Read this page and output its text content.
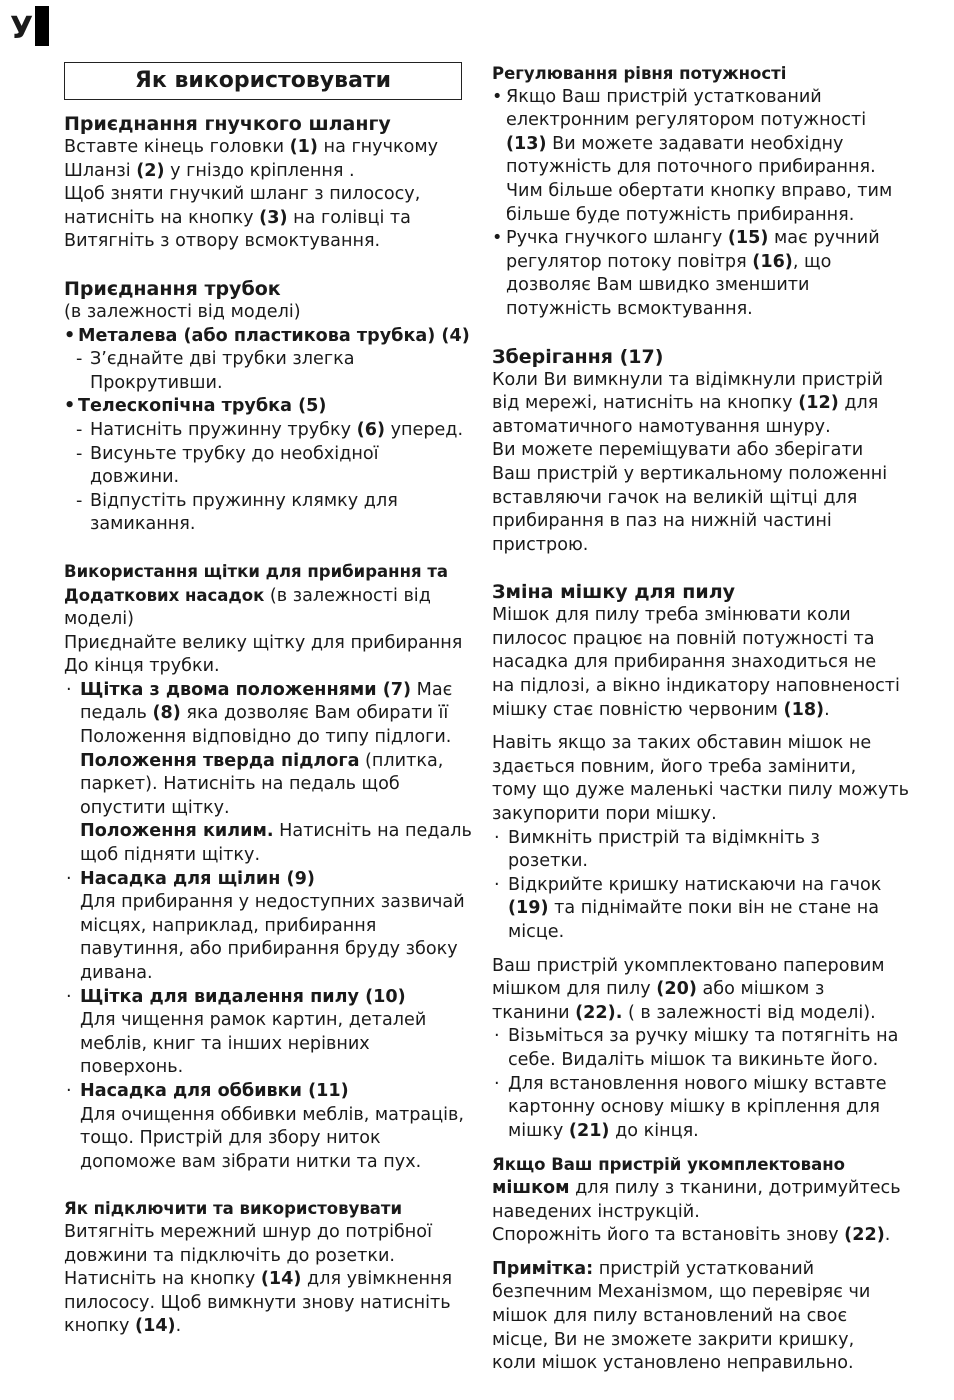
У
Як використовувати
Приєднання гнучкого шлангу

Вставте кінець головки (1) на гнучкому

Шланзі (2) у гніздо кріплення .

Щоб зняти гнучкий шланг з пилососу,

натисніть на кнопку (3) на голівці та

Витягніть з отвору всмоктування.

Приєднання трубок

(в залежності від моделі)

• Металева (або пластикова трубка) (4)
- З’єднайте дві трубки злегка
Прокрутивши.
• Телескопічна трубка (5)
- Натисніть пружинну трубку (6) уперед.
- Висуньте трубку до необхідної
довжини.
- Відпустіть пружинну клямку для
замикання.
Використання щітки для прибирання та

Додаткових насадок (в залежності від

моделі)

Приєднайте велику щітку для прибирання

До кінця трубки.

· Щітка з двома положеннями (7) Має
педаль (8) яка дозволяє Вам обирати її
Положення відповідно до типу підлоги.
Положення тверда підлога (плитка,
паркет). Натисніть на педаль щоб
опустити щітку.
Положення килим. Натисніть на педаль
щоб підняти щітку.
· Насадка для щілин (9)
Для прибирання у недоступних зазвичай
місцях, наприклад, прибирання
павутиння, або прибирання бруду збоку
дивана.
· Щітка для видалення пилу (10)
Для чищення рамок картин, деталей
меблів, книг та інших нерівних
поверхонь.
· Насадка для оббивки (11)
Для очищення оббивки меблів, матраців,
тощо. Пристрій для збору ниток
допоможе вам зібрати нитки та пух.
Як підключити та використовувати

Витягніть мережний шнур до потрібної

довжини та підключіть до розетки.

Натисніть на кнопку (14) для увімкнення

пилососу. Щоб вимкнути знову натисніть

кнопку (14).

Регулювання рівня потужності
• Якщо Ваш пристрій устаткований
електронним регулятором потужності
(13) Ви можете задавати необхідну
потужність для поточного прибирання.
Чим більше обертати кнопку вправо, тим
більше буде потужність прибирання.
• Ручка гнучкого шлангу (15) має ручний
регулятор потоку повітря (16), що
дозволяє Вам швидко зменшити
потужність всмоктування.
Зберігання (17)

Коли Ви вимкнули та відімкнули пристрій

від мережі, натисніть на кнопку (12) для

автоматичного намотування шнуру.

Ви можете переміщувати або зберігати

Ваш пристрій у вертикальному положенні

вставляючи гачок на великій щітці для

прибирання в паз на нижній частині

пристрою.

Зміна мішку для пилу

Мішок для пилу треба змінювати коли

пилосос працює на повній потужності та

насадка для прибирання знаходиться не

на підлозі, а вікно індикатору наповненості

мішку стає повністю червоним (18).

Навіть якщо за таких обставин мішок не

здається повним, його треба замінити,

тому що дуже маленькі частки пилу можуть

закупорити пори мішку.

· Вимкніть пристрій та відімкніть з
розетки.
· Відкрийте кришку натискаючи на гачок
(19) та піднімайте поки він не стане на
місце.

Ваш пристрій укомплектовано паперовим

мішком для пилу (20) або мішком з

тканини (22). ( в залежності від моделі).

· Візьміться за ручку мішку та потягніть на
себе. Видаліть мішок та викиньте його.
· Для встановлення нового мішку вставте
картонну основу мішку в кріплення для
мішку (21) до кінця.

Якщо Ваш пристрій укомплектовано

мішком для пилу з тканини, дотримуйтесь

наведених інструкцій.

Спорожніть його та встановіть знову (22).

Примітка: пристрій устаткований

безпечним Механізмом, що перевіряє чи

мішок для пилу встановлений на своє

місце, Ви не зможете закрити кришку,

коли мішок установлено неправильно.
